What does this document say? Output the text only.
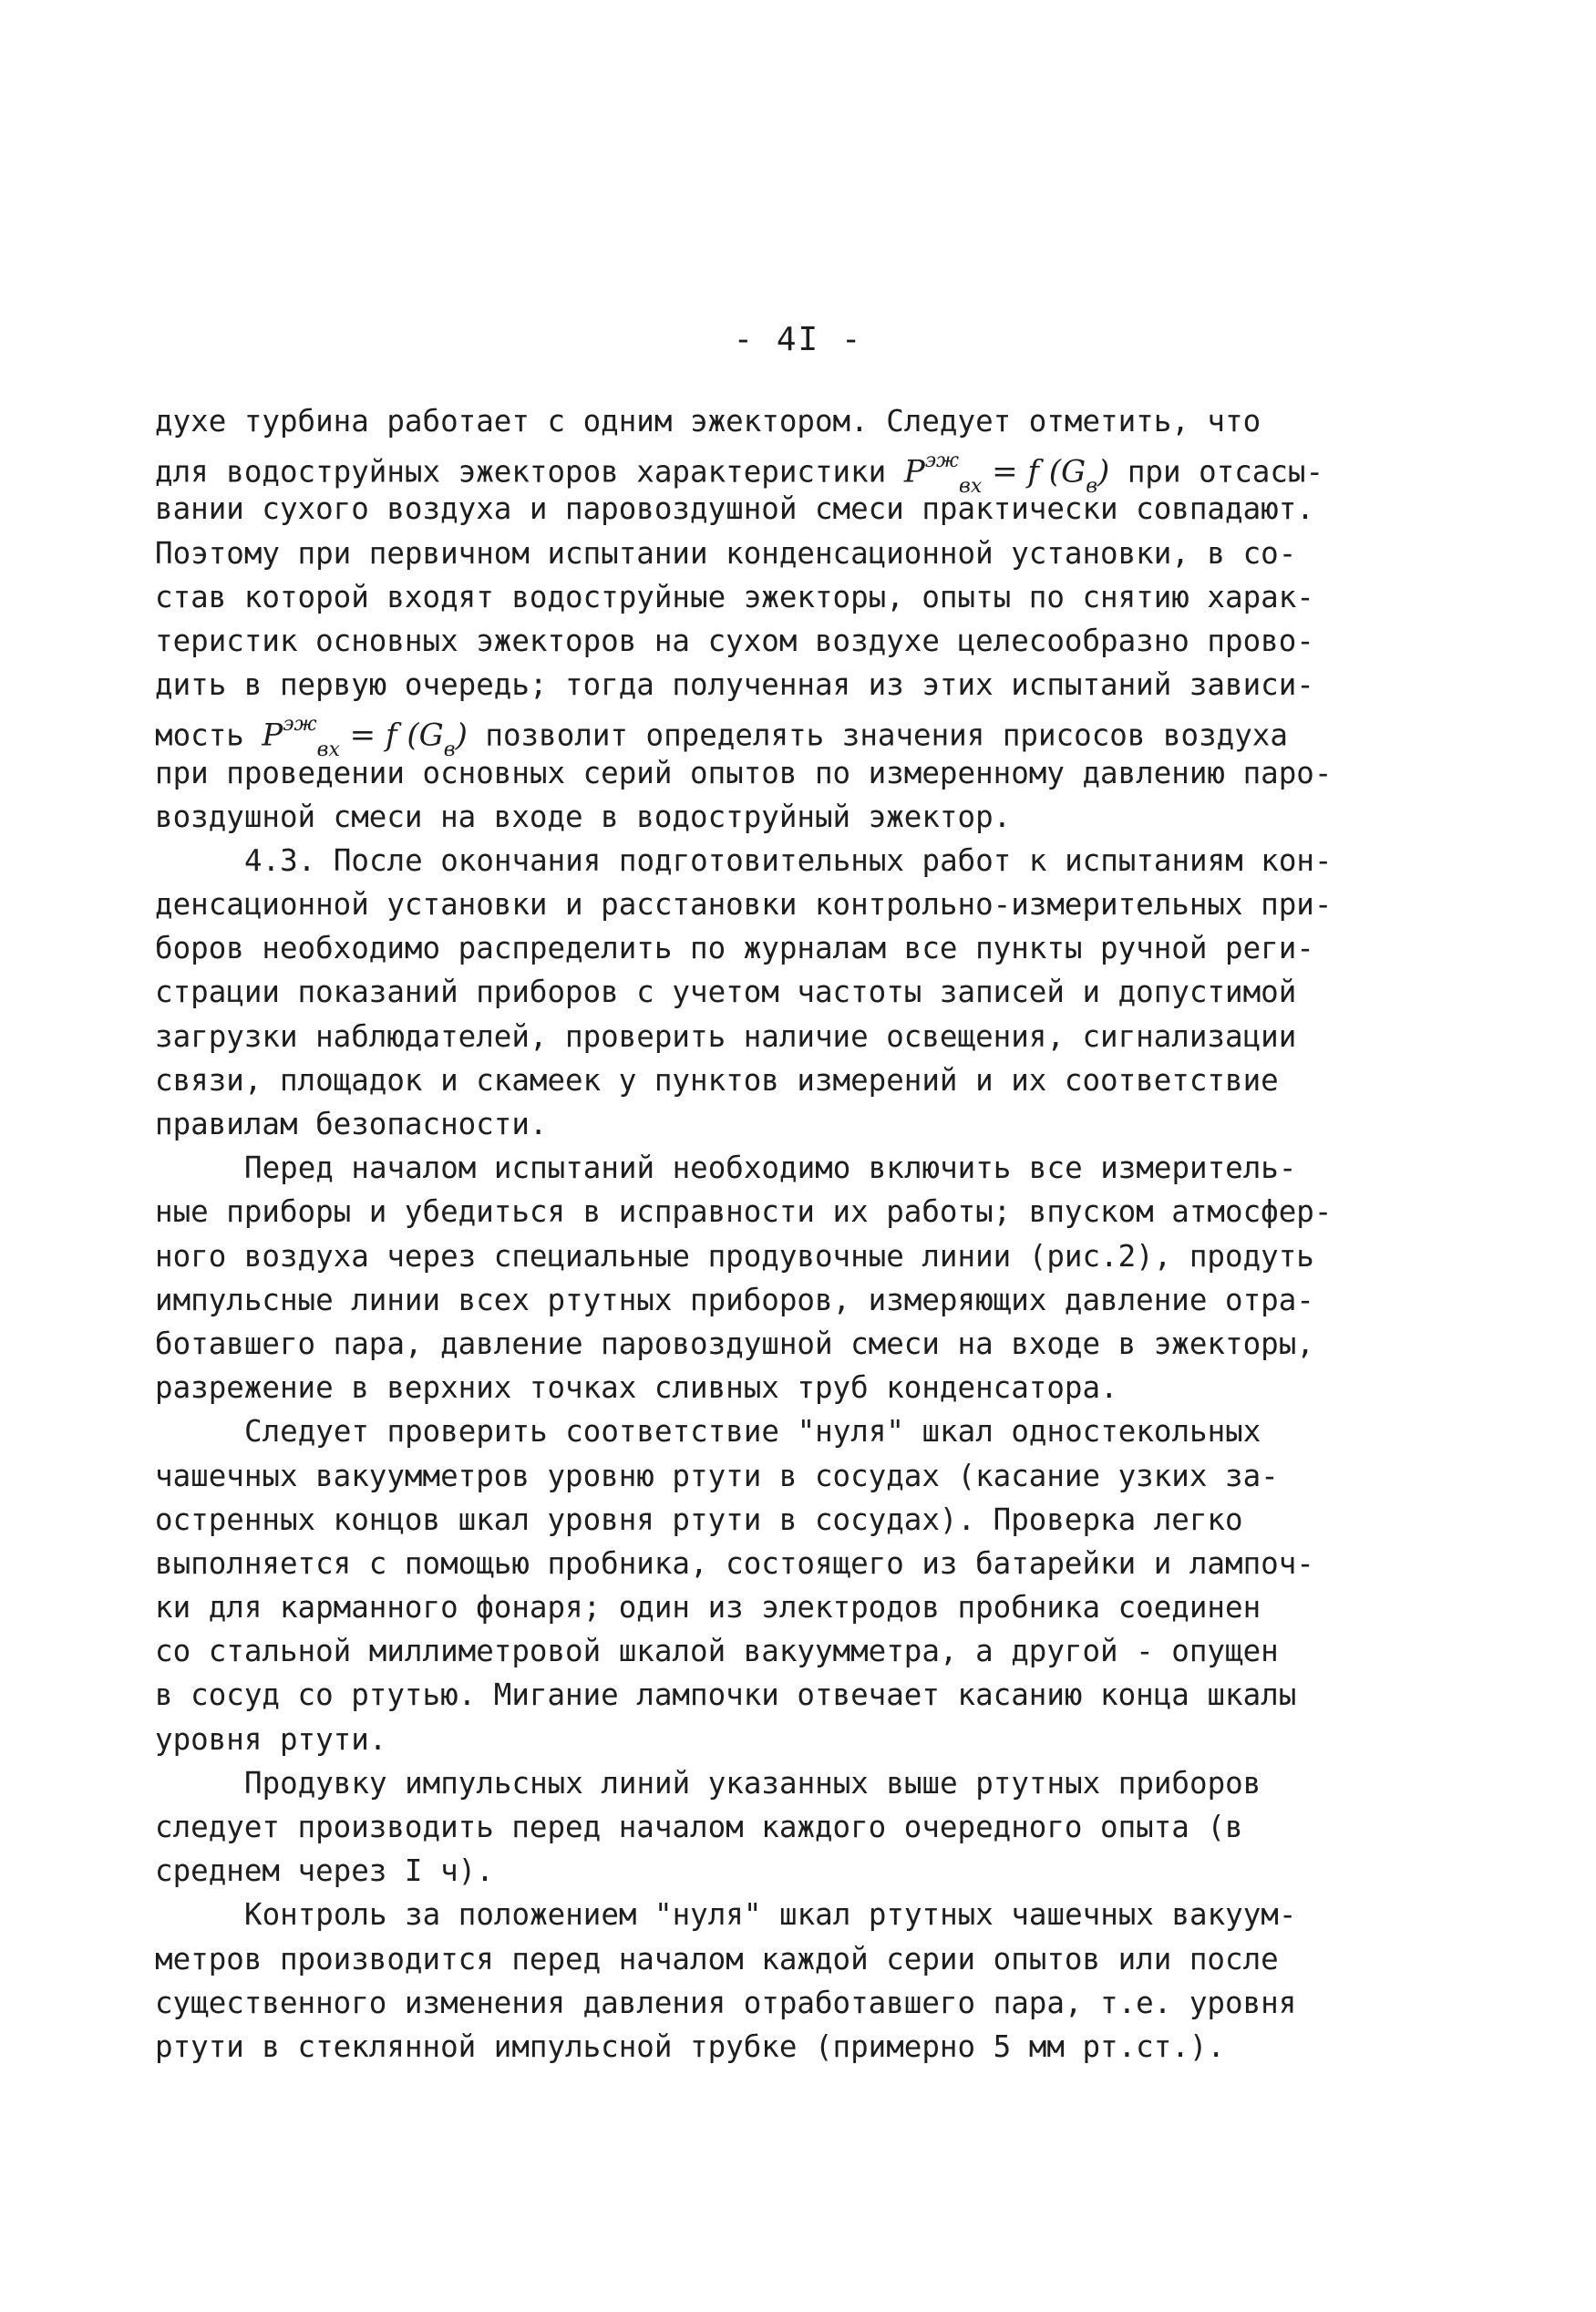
- 4I -
духе турбина работает с одним эжектором. Следует отметить, что
для водоструйных эжекторов характеристики $P^{эж}_{вх} = f$ $(G_в)$ при отсасы-
вании сухого воздуха и паровоздушной смеси практически совпадают.
Поэтому при первичном испытании конденсационной установки, в со-
став которой входят водоструйные эжекторы, опыты по снятию харак-
теристик основных эжекторов на сухом воздухе целесообразно прово-
дить в первую очередь; тогда полученная из этих испытаний зависи-
мость $P^{эж}_{вх} = f$ $(G_в)$ позволит определять значения присосов воздуха
при проведении основных серий опытов по измеренному давлению паро-
воздушной смеси на входе в водоструйный эжектор.
4.3. После окончания подготовительных работ к испытаниям кон-
денсационной установки и расстановки контрольно-измерительных при-
боров необходимо распределить по журналам все пункты ручной реги-
страции показаний приборов с учетом частоты записей и допустимой
загрузки наблюдателей, проверить наличие освещения, сигнализации
связи, площадок и скамеек у пунктов измерений и их соответствие
правилам безопасности.
Перед началом испытаний необходимо включить все измеритель-
ные приборы и убедиться в исправности их работы; впуском атмосфер-
ного воздуха через специальные продувочные линии (рис.2), продуть
импульсные линии всех ртутных приборов, измеряющих давление отра-
ботавшего пара, давление паровоздушной смеси на входе в эжекторы,
разрежение в верхних точках сливных труб конденсатора.
Следует проверить соответствие "нуля" шкал одностекольных
чашечных вакуумметров уровню ртути в сосудах (касание узких за-
остренных концов шкал уровня ртути в сосудах). Проверка легко
выполняется с помощью пробника, состоящего из батарейки и лампоч-
ки для карманного фонаря; один из электродов пробника соединен
со стальной миллиметровой шкалой вакуумметра, а другой - опущен
в сосуд со ртутью. Мигание лампочки отвечает касанию конца шкалы
уровня ртути.
Продувку импульсных линий указанных выше ртутных приборов
следует производить перед началом каждого очередного опыта (в
среднем через I ч).
Контроль за положением "нуля" шкал ртутных чашечных вакуум-
метров производится перед началом каждой серии опытов или после
существенного изменения давления отработавшего пара, т.е. уровня
ртути в стеклянной импульсной трубке (примерно 5 мм рт.ст.).
